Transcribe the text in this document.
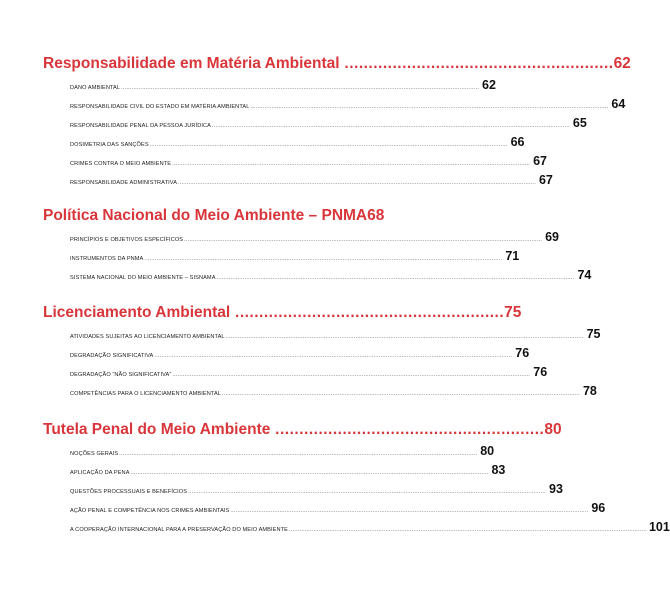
Responsabilidade em Matéria Ambiental ........................................................ 62
DANO AMBIENTAL ............................................................................................................................................................................................................ 62
RESPONSABILIDADE CIVIL DO ESTADO EM MATÉRIA AMBIENTAL ............................................................................................................................................................................................................ 64
RESPONSABILIDADE PENAL DA PESSOA JURÍDICA ............................................................................................................................................................................................................ 65
DOSIMETRIA DAS SANÇÕES ............................................................................................................................................................................................................ 66
CRIMES CONTRA O MEIO AMBIENTE ............................................................................................................................................................................................................ 67
RESPONSABILIDADE ADMINISTRATIVA ............................................................................................................................................................................................................ 67
Política Nacional do Meio Ambiente – PNMA 68
PRINCÍPIOS E OBJETIVOS ESPECÍFICOS ............................................................................................................................................................................................................ 69
INSTRUMENTOS DA PNMA ............................................................................................................................................................................................................ 71
SISTEMA NACIONAL DO MEIO AMBIENTE – SISNAMA ............................................................................................................................................................................................................ 74
Licenciamento Ambiental ........................................................ 75
ATIVIDADES SUJEITAS AO LICENCIAMENTO AMBIENTAL ............................................................................................................................................................................................................ 75
DEGRADAÇÃO SIGNIFICATIVA ............................................................................................................................................................................................................ 76
DEGRADAÇÃO “NÃO SIGNIFICATIVA” ............................................................................................................................................................................................................ 76
COMPETÊNCIAS PARA O LICENCIAMENTO AMBIENTAL ............................................................................................................................................................................................................ 78
Tutela Penal do Meio Ambiente ........................................................ 80
NOÇÕES GERAIS ............................................................................................................................................................................................................ 80
APLICAÇÃO DA PENA ............................................................................................................................................................................................................ 83
QUESTÕES PROCESSUAIS E BENEFÍCIOS ............................................................................................................................................................................................................ 93
AÇÃO PENAL E COMPETÊNCIA NOS CRIMES AMBIENTAIS ............................................................................................................................................................................................................ 96
A COOPERAÇÃO INTERNACIONAL PARA A PRESERVAÇÃO DO MEIO AMBIENTE ............................................................................................................................................................................................................ 101
